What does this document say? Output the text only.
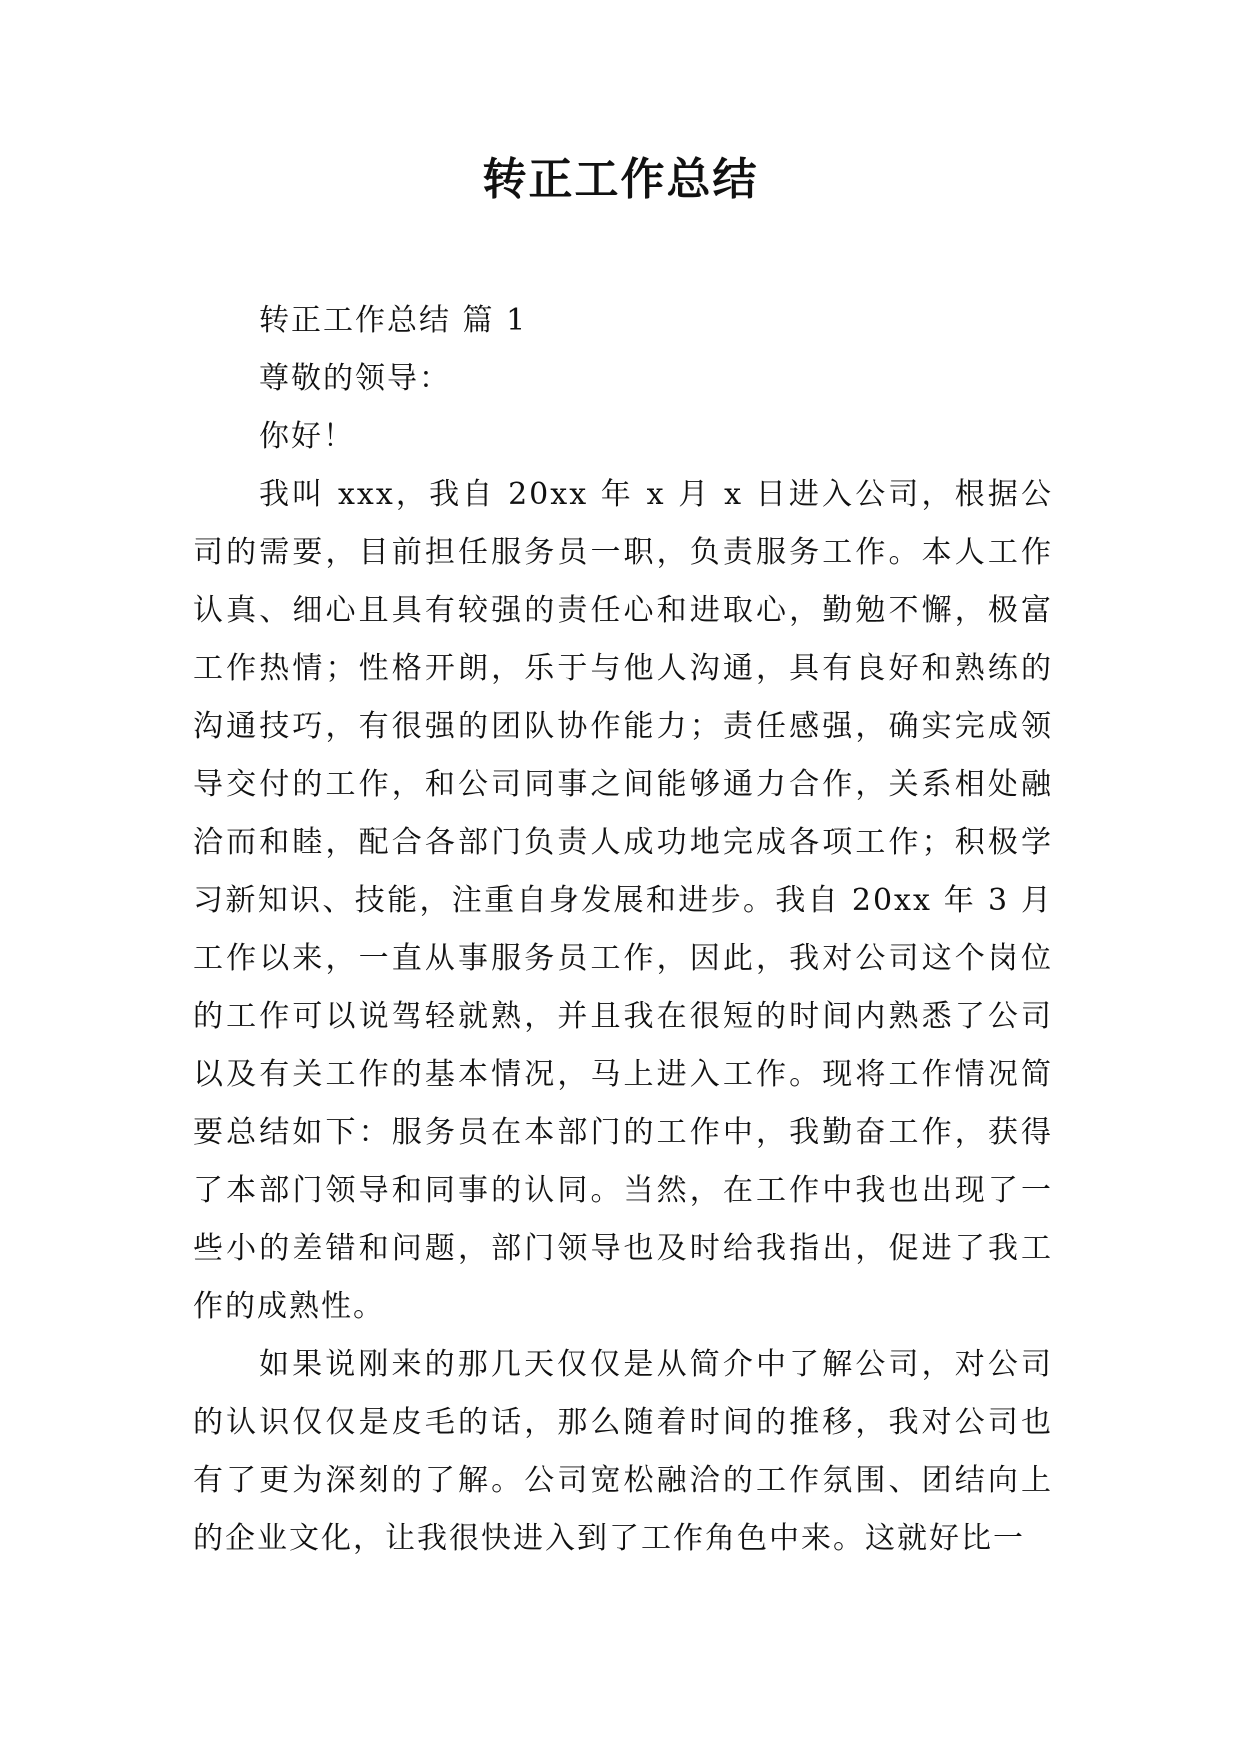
转正工作总结

转正工作总结 篇 1

尊敬的领导：

你好！

我叫 xxx，我自 20xx 年 x 月 x 日进入公司，根据公司的需要，目前担任服务员一职，负责服务工作。本人工作认真、细心且具有较强的责任心和进取心，勤勉不懈，极富工作热情；性格开朗，乐于与他人沟通，具有良好和熟练的沟通技巧，有很强的团队协作能力；责任感强，确实完成领导交付的工作，和公司同事之间能够通力合作，关系相处融洽而和睦，配合各部门负责人成功地完成各项工作；积极学习新知识、技能，注重自身发展和进步。我自 20xx 年 3 月工作以来，一直从事服务员工作，因此，我对公司这个岗位的工作可以说驾轻就熟，并且我在很短的时间内熟悉了公司以及有关工作的基本情况，马上进入工作。现将工作情况简要总结如下：服务员在本部门的工作中，我勤奋工作，获得了本部门领导和同事的认同。当然，在工作中我也出现了一些小的差错和问题，部门领导也及时给我指出，促进了我工作的成熟性。

如果说刚来的那几天仅仅是从简介中了解公司，对公司的认识仅仅是皮毛的话，那么随着时间的推移，我对公司也有了更为深刻的了解。公司宽松融洽的工作氛围、团结向上的企业文化，让我很快进入到了工作角色中来。这就好比一
